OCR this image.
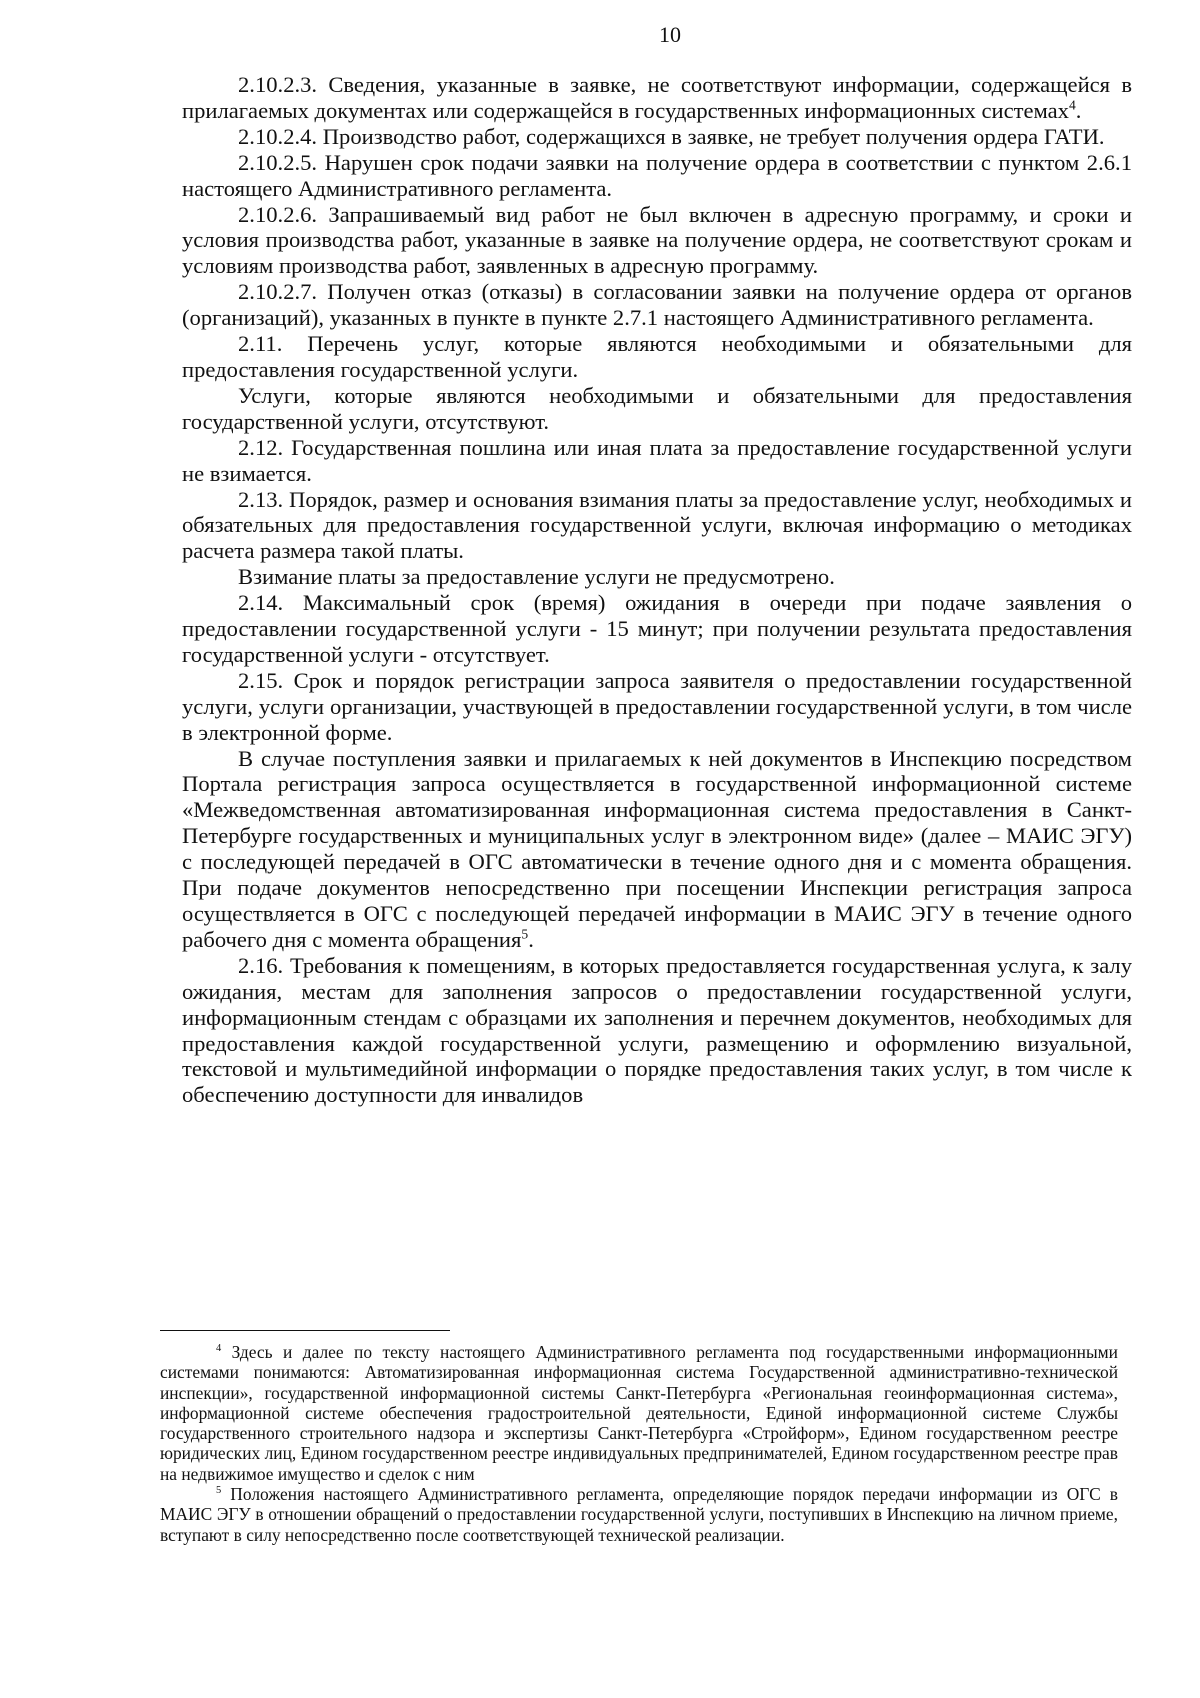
10

2.10.2.3. Сведения, указанные в заявке, не соответствуют информации, содержащейся в прилагаемых документах или содержащейся в государственных информационных системах$^4$.

2.10.2.4. Производство работ, содержащихся в заявке, не требует получения ордера ГАТИ.

2.10.2.5. Нарушен срок подачи заявки на получение ордера в соответствии с пунктом 2.6.1 настоящего Административного регламента.

2.10.2.6. Запрашиваемый вид работ не был включен в адресную программу, и сроки и условия производства работ, указанные в заявке на получение ордера, не соответствуют срокам и условиям производства работ, заявленных в адресную программу.

2.10.2.7. Получен отказ (отказы) в согласовании заявки на получение ордера от органов (организаций), указанных в пункте в пункте 2.7.1 настоящего Административного регламента.

2.11. Перечень услуг, которые являются необходимыми и обязательными для предоставления государственной услуги.

Услуги, которые являются необходимыми и обязательными для предоставления государственной услуги, отсутствуют.

2.12. Государственная пошлина или иная плата за предоставление государственной услуги не взимается.

2.13. Порядок, размер и основания взимания платы за предоставление услуг, необходимых и обязательных для предоставления государственной услуги, включая информацию о методиках расчета размера такой платы.

Взимание платы за предоставление услуги не предусмотрено.

2.14. Максимальный срок (время) ожидания в очереди при подаче заявления о предоставлении государственной услуги - 15 минут; при получении результата предоставления государственной услуги - отсутствует.

2.15. Срок и порядок регистрации запроса заявителя о предоставлении государственной услуги, услуги организации, участвующей в предоставлении государственной услуги, в том числе в электронной форме.

В случае поступления заявки и прилагаемых к ней документов в Инспекцию посредством Портала регистрация запроса осуществляется в государственной информационной системе «Межведомственная автоматизированная информационная система предоставления в Санкт-Петербурге государственных и муниципальных услуг в электронном виде» (далее – МАИС ЭГУ) с последующей передачей в ОГС автоматически в течение одного дня и с момента обращения. При подаче документов непосредственно при посещении Инспекции регистрация запроса осуществляется в ОГС с последующей передачей информации в МАИС ЭГУ в течение одного рабочего дня с момента обращения$^5$.

2.16. Требования к помещениям, в которых предоставляется государственная услуга, к залу ожидания, местам для заполнения запросов о предоставлении государственной услуги, информационным стендам с образцами их заполнения и перечнем документов, необходимых для предоставления каждой государственной услуги, размещению и оформлению визуальной, текстовой и мультимедийной информации о порядке предоставления таких услуг, в том числе к обеспечению доступности для инвалидов

$^4$ Здесь и далее по тексту настоящего Административного регламента под государственными информационными системами понимаются: Автоматизированная информационная система Государственной административно-технической инспекции», государственной информационной системы Санкт-Петербурга «Региональная геоинформационная система», информационной системе обеспечения градостроительной деятельности, Единой информационной системе Службы государственного строительного надзора и экспертизы Санкт-Петербурга «Стройформ», Едином государственном реестре юридических лиц, Едином государственном реестре индивидуальных предпринимателей, Едином государственном реестре прав на недвижимое имущество и сделок с ним

$^5$ Положения настоящего Административного регламента, определяющие порядок передачи информации из ОГС в МАИС ЭГУ в отношении обращений о предоставлении государственной услуги, поступивших в Инспекцию на личном приеме, вступают в силу непосредственно после соответствующей технической реализации.
